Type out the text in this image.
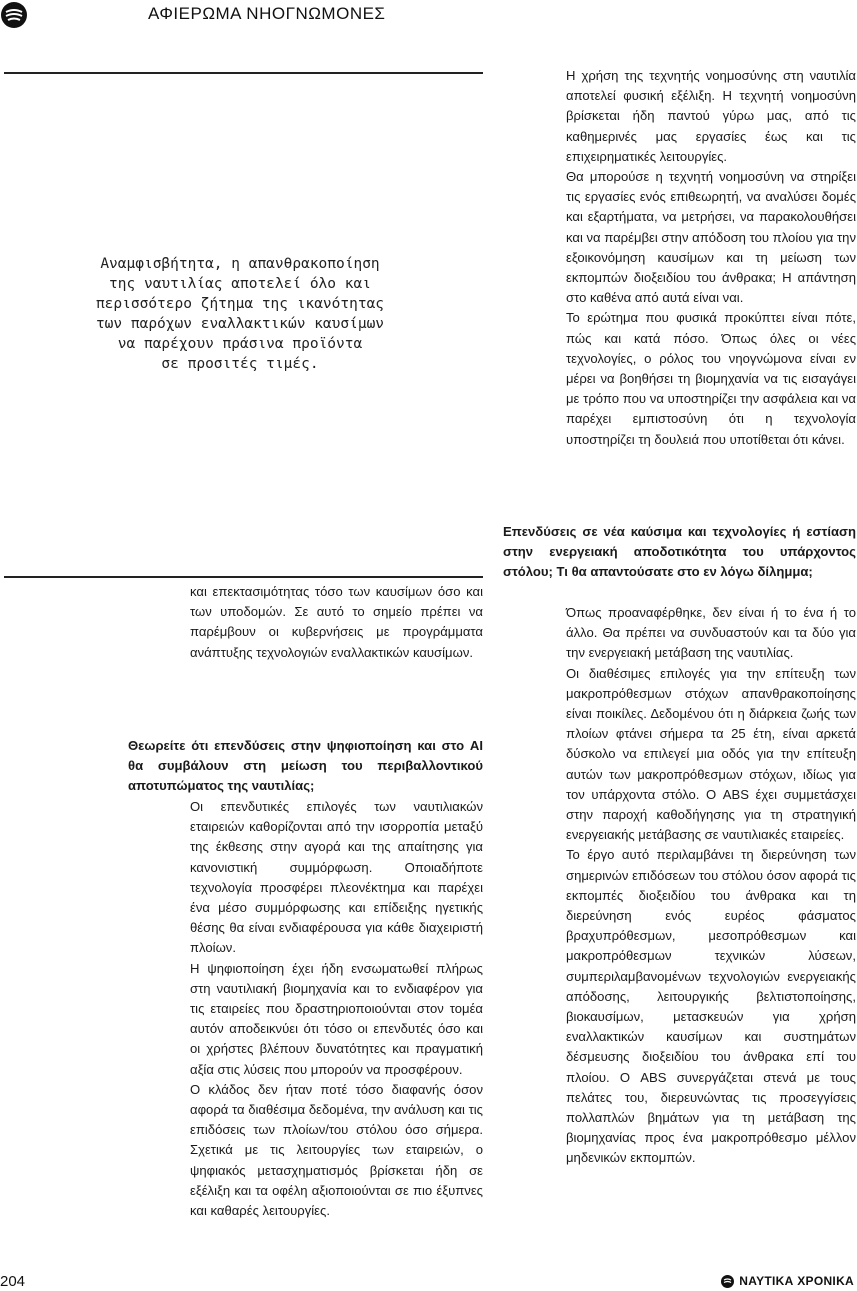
ΑΦΙΕΡΩΜΑ ΝΗΟΓΝΩΜΟΝΕΣ

Αναμφισβήτητα, η απανθρακοποίηση

της ναυτιλίας αποτελεί όλο και

περισσότερο ζήτημα της ικανότητας

των παρόχων εναλλακτικών καυσίμων

να παρέχουν πράσινα προϊόντα

σε προσιτές τιμές.

Η χρήση της τεχνητής νοημοσύνης στη ναυτιλία αποτελεί φυσική εξέλιξη. Η τεχνητή νοημοσύνη βρίσκεται ήδη παντού γύρω μας, από τις καθημερινές μας εργασίες έως και τις επιχειρηματικές λειτουργίες.

Θα μπορούσε η τεχνητή νοημοσύνη να στηρίξει τις εργασίες ενός επιθεωρητή, να αναλύσει δομές και εξαρτήματα, να μετρήσει, να παρακολουθήσει και να παρέμβει στην απόδοση του πλοίου για την εξοικονόμηση καυσίμων και τη μείωση των εκπομπών διοξειδίου του άνθρακα; Η απάντηση στο καθένα από αυτά είναι ναι.

Το ερώτημα που φυσικά προκύπτει είναι πότε, πώς και κατά πόσο. Όπως όλες οι νέες τεχνολογίες, ο ρόλος του νηογνώμονα είναι εν μέρει να βοηθήσει τη βιομηχανία να τις εισαγάγει με τρόπο που να υποστηρίζει την ασφάλεια και να παρέχει εμπιστοσύνη ότι η τεχνολογία υποστηρίζει τη δουλειά που υποτίθεται ότι κάνει.

και επεκτασιμότητας τόσο των καυσίμων όσο και των υποδομών. Σε αυτό το σημείο πρέπει να παρέμβουν οι κυβερνήσεις με προγράμματα ανάπτυξης τεχνολογιών εναλλακτικών καυσίμων.

Θεωρείτε ότι επενδύσεις στην ψηφιοποίηση και στο AI θα συμβάλουν στη μείωση του περιβαλλοντικού αποτυπώματος της ναυτιλίας;

Οι επενδυτικές επιλογές των ναυτιλιακών εταιρειών καθορίζονται από την ισορροπία μεταξύ της έκθεσης στην αγορά και της απαίτησης για κανονιστική συμμόρφωση. Οποιαδήποτε τεχνολογία προσφέρει πλεονέκτημα και παρέχει ένα μέσο συμμόρφωσης και επίδειξης ηγετικής θέσης θα είναι ενδιαφέρουσα για κάθε διαχειριστή πλοίων.

Η ψηφιοποίηση έχει ήδη ενσωματωθεί πλήρως στη ναυτιλιακή βιομηχανία και το ενδιαφέρον για τις εταιρείες που δραστηριοποιούνται στον τομέα αυτόν αποδεικνύει ότι τόσο οι επενδυτές όσο και οι χρήστες βλέπουν δυνατότητες και πραγματική αξία στις λύσεις που μπορούν να προσφέρουν.

Ο κλάδος δεν ήταν ποτέ τόσο διαφανής όσον αφορά τα διαθέσιμα δεδομένα, την ανάλυση και τις επιδόσεις των πλοίων/του στόλου όσο σήμερα. Σχετικά με τις λειτουργίες των εταιρειών, ο ψηφιακός μετασχηματισμός βρίσκεται ήδη σε εξέλιξη και τα οφέλη αξιοποιούνται σε πιο έξυπνες και καθαρές λειτουργίες.

Επενδύσεις σε νέα καύσιμα και τεχνολογίες ή εστίαση στην ενεργειακή αποδοτικότητα του υπάρχοντος στόλου; Τι θα απαντούσατε στο εν λόγω δίλημμα;

Όπως προαναφέρθηκε, δεν είναι ή το ένα ή το άλλο. Θα πρέπει να συνδυαστούν και τα δύο για την ενεργειακή μετάβαση της ναυτιλίας.

Οι διαθέσιμες επιλογές για την επίτευξη των μακροπρόθεσμων στόχων απανθρακοποίησης είναι ποικίλες. Δεδομένου ότι η διάρκεια ζωής των πλοίων φτάνει σήμερα τα 25 έτη, είναι αρκετά δύσκολο να επιλεγεί μια οδός για την επίτευξη αυτών των μακροπρόθεσμων στόχων, ιδίως για τον υπάρχοντα στόλο. Ο ABS έχει συμμετάσχει στην παροχή καθοδήγησης για τη στρατηγική ενεργειακής μετάβασης σε ναυτιλιακές εταιρείες.

Το έργο αυτό περιλαμβάνει τη διερεύνηση των σημερινών επιδόσεων του στόλου όσον αφορά τις εκπομπές διοξειδίου του άνθρακα και τη διερεύνηση ενός ευρέος φάσματος βραχυπρόθεσμων, μεσοπρόθεσμων και μακροπρόθεσμων τεχνικών λύσεων, συμπεριλαμβανομένων τεχνολογιών ενεργειακής απόδοσης, λειτουργικής βελτιστοποίησης, βιοκαυσίμων, μετασκευών για χρήση εναλλακτικών καυσίμων και συστημάτων δέσμευσης διοξειδίου του άνθρακα επί του πλοίου. Ο ABS συνεργάζεται στενά με τους πελάτες του, διερευνώντας τις προσεγγίσεις πολλαπλών βημάτων για τη μετάβαση της βιομηχανίας προς ένα μακροπρόθεσμο μέλλον μηδενικών εκπομπών.

204	ΝΑΥΤΙΚΑ ΧΡΟΝΙΚΑ
